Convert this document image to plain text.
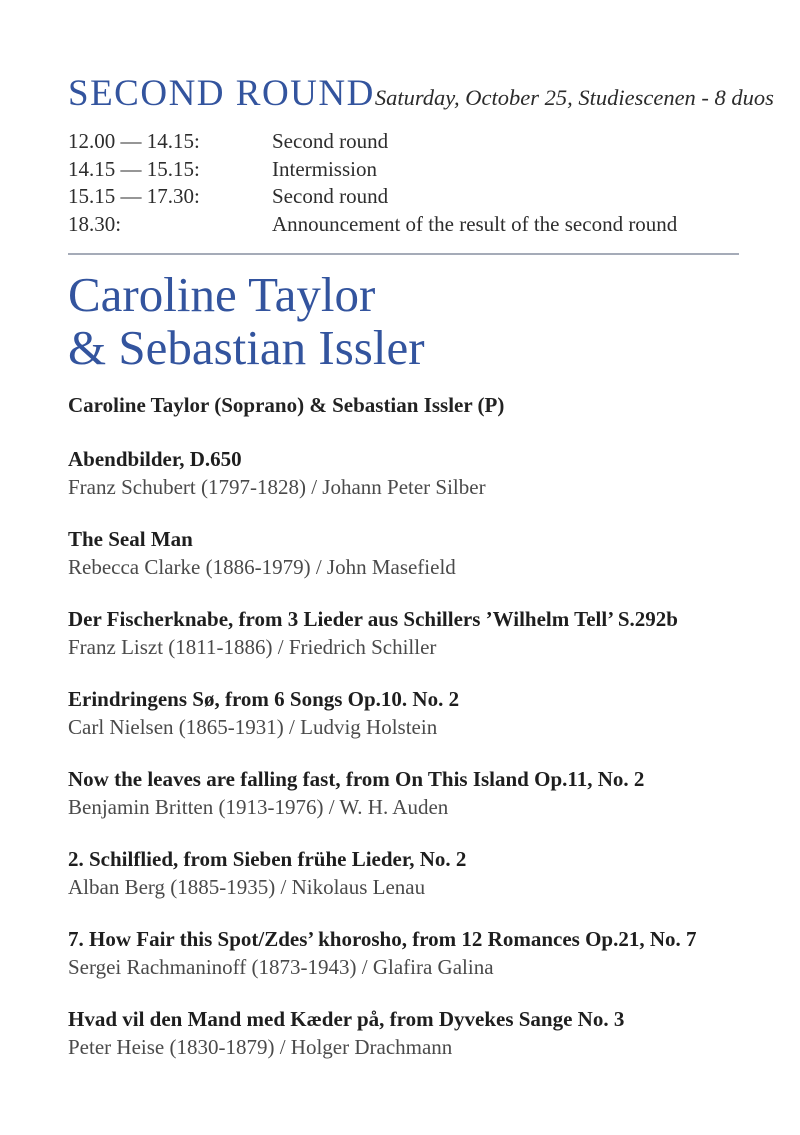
SECOND ROUND Saturday, October 25, Studiescenen - 8 duos
12.00 — 14.15:	Second round
14.15 — 15.15:	Intermission
15.15 — 17.30:	Second round
18.30:	Announcement of the result of the second round
Caroline Taylor
& Sebastian Issler
Caroline Taylor (Soprano) & Sebastian Issler (P)

Abendbilder, D.650

Franz Schubert (1797-1828) / Johann Peter Silber

The Seal Man

Rebecca Clarke (1886-1979) / John Masefield

Der Fischerknabe, from 3 Lieder aus Schillers ’Wilhelm Tell’ S.292b

Franz Liszt (1811-1886) / Friedrich Schiller

Erindringens Sø, from 6 Songs Op.10. No. 2

Carl Nielsen (1865-1931) / Ludvig Holstein

Now the leaves are falling fast, from On This Island Op.11, No. 2

Benjamin Britten (1913-1976) / W. H. Auden

2. Schilflied, from Sieben frühe Lieder, No. 2

Alban Berg (1885-1935) / Nikolaus Lenau

7. How Fair this Spot/Zdes’ khorosho, from 12 Romances Op.21, No. 7

Sergei Rachmaninoff (1873-1943) / Glafira Galina

Hvad vil den Mand med Kæder på, from Dyvekes Sange No. 3

Peter Heise (1830-1879) / Holger Drachmann
